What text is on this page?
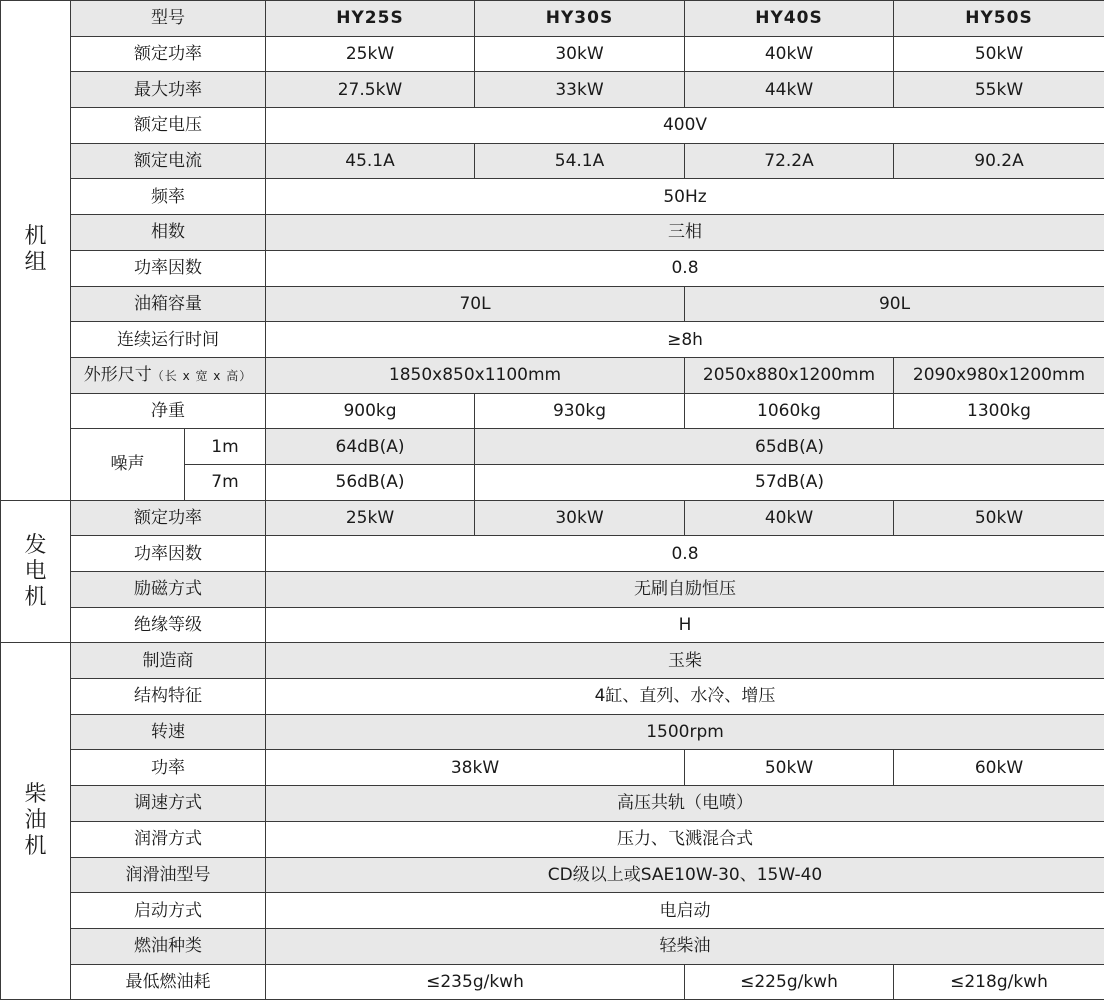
机
组	型号		HY25S	HY30S	HY40S	HY50S
	额定功率		25kW	30kW	40kW	50kW
	最大功率		27.5kW	33kW	44kW	55kW
	额定电压		400V			
	额定电流		45.1A	54.1A	72.2A	90.2A
	频率		50Hz			
	相数		三相			
	功率因数		0.8			
	油箱容量		70L		90L	
	连续运行时间		≥8h			
	外形尺寸（长 x 宽 x 高）		1850x850x1100mm		2050x880x1200mm	2090x980x1200mm
	净重		900kg	930kg	1060kg	1300kg
	噪声	1m	64dB(A)	65dB(A)		
		7m	56dB(A)	57dB(A)		

发
电
机	额定功率		25kW	30kW	40kW	50kW
	功率因数		0.8			
	励磁方式		无刷自励恒压			
	绝缘等级		H			

柴
油
机	制造商		玉柴			
	结构特征		4缸、直列、水冷、增压			
	转速		1500rpm			
	功率		38kW		50kW	60kW
	调速方式		高压共轨（电喷）			
	润滑方式		压力、飞溅混合式			
	润滑油型号		CD级以上或SAE10W-30、15W-40			
	启动方式		电启动			
	燃油种类		轻柴油			
	最低燃油耗		≤235g/kwh		≤225g/kwh	≤218g/kwh
